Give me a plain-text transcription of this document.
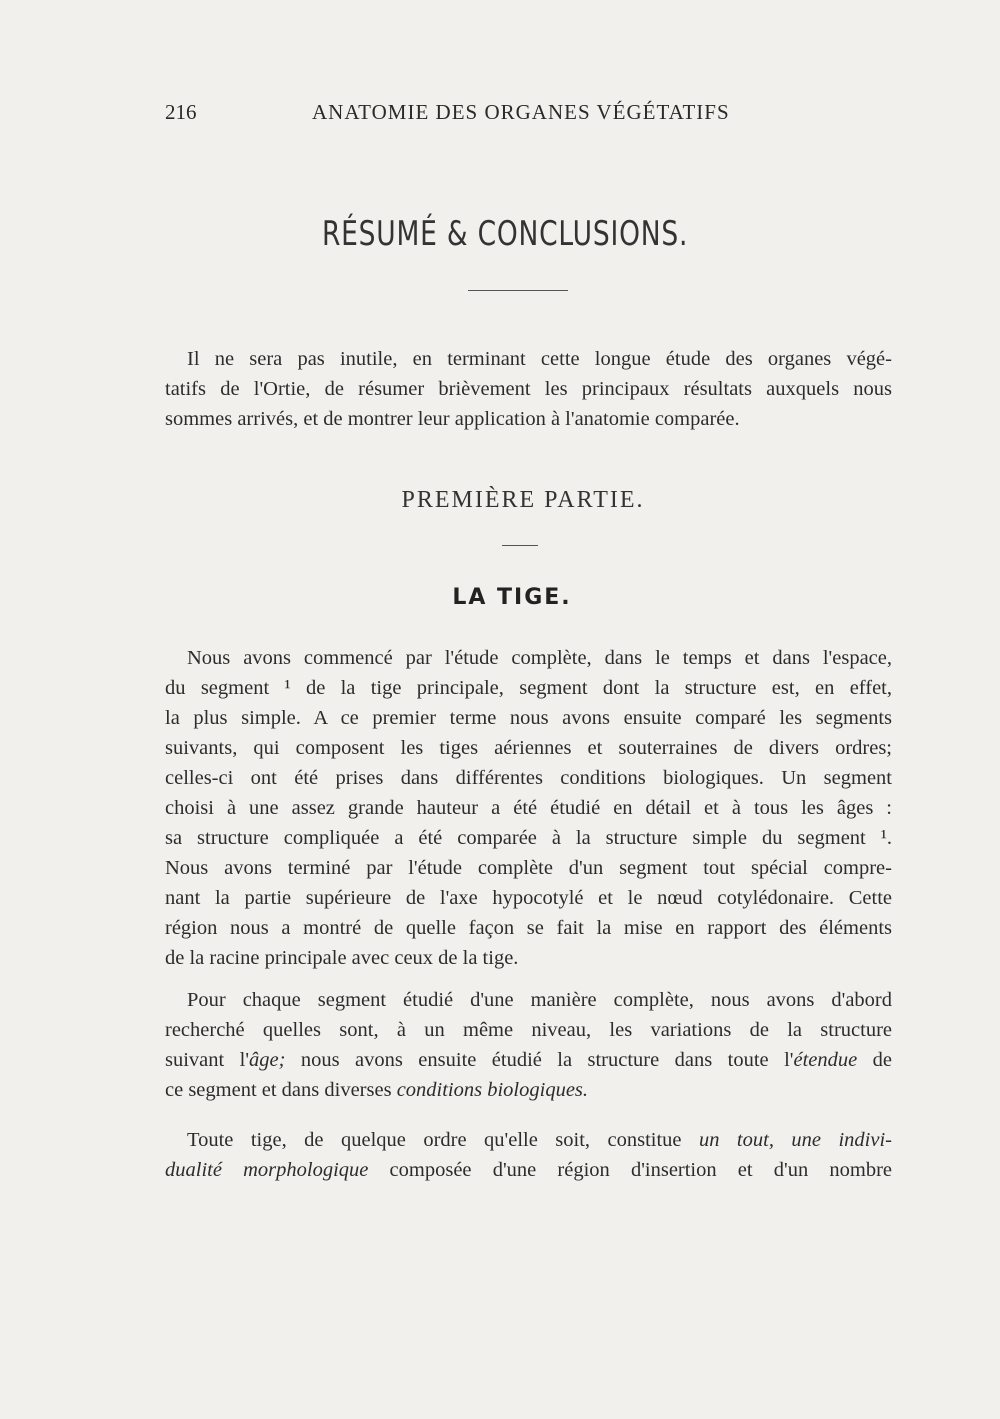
216	ANATOMIE DES ORGANES VÉGÉTATIFS
RÉSUMÉ & CONCLUSIONS.
Il ne sera pas inutile, en terminant cette longue étude des organes végé-
tatifs de l'Ortie, de résumer brièvement les principaux résultats auxquels nous
sommes arrivés, et de montrer leur application à l'anatomie comparée.
PREMIÈRE PARTIE.
LA TIGE.
Nous avons commencé par l'étude complète, dans le temps et dans l'espace,
du segment ¹ de la tige principale, segment dont la structure est, en effet,
la plus simple. A ce premier terme nous avons ensuite comparé les segments
suivants, qui composent les tiges aériennes et souterraines de divers ordres;
celles-ci ont été prises dans différentes conditions biologiques. Un segment
choisi à une assez grande hauteur a été étudié en détail et à tous les âges :
sa structure compliquée a été comparée à la structure simple du segment ¹.
Nous avons terminé par l'étude complète d'un segment tout spécial compre-
nant la partie supérieure de l'axe hypocotylé et le nœud cotylédonaire. Cette
région nous a montré de quelle façon se fait la mise en rapport des éléments
de la racine principale avec ceux de la tige.
Pour chaque segment étudié d'une manière complète, nous avons d'abord
recherché quelles sont, à un même niveau, les variations de la structure
suivant l'âge; nous avons ensuite étudié la structure dans toute l'étendue de
ce segment et dans diverses conditions biologiques.
Toute tige, de quelque ordre qu'elle soit, constitue un tout, une indivi-
dualité morphologique composée d'une région d'insertion et d'un nombre
